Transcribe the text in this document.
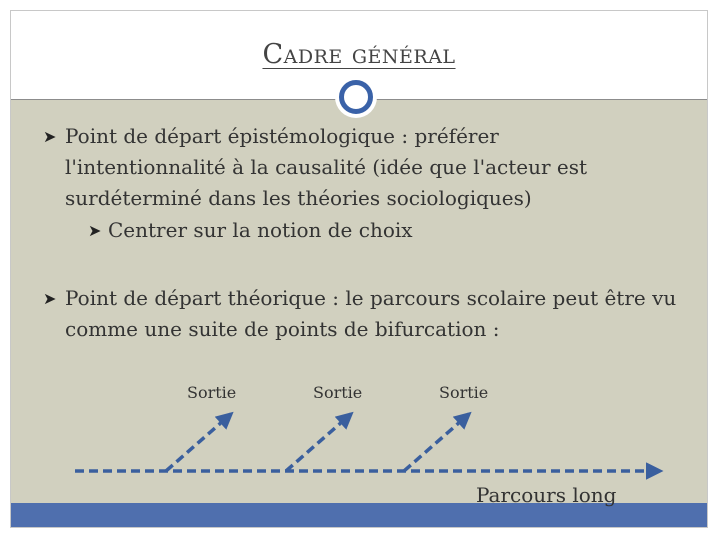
Cadre général
➤ Point de départ épistémologique : préférer l'intentionnalité à la causalité (idée que l'acteur est surdéterminé dans les théories sociologiques)
➤ Centrer sur la notion de choix
➤ Point de départ théorique : le parcours scolaire peut être vu comme une suite de points de bifurcation :
Sortie	Sortie	Sortie
Parcours long
